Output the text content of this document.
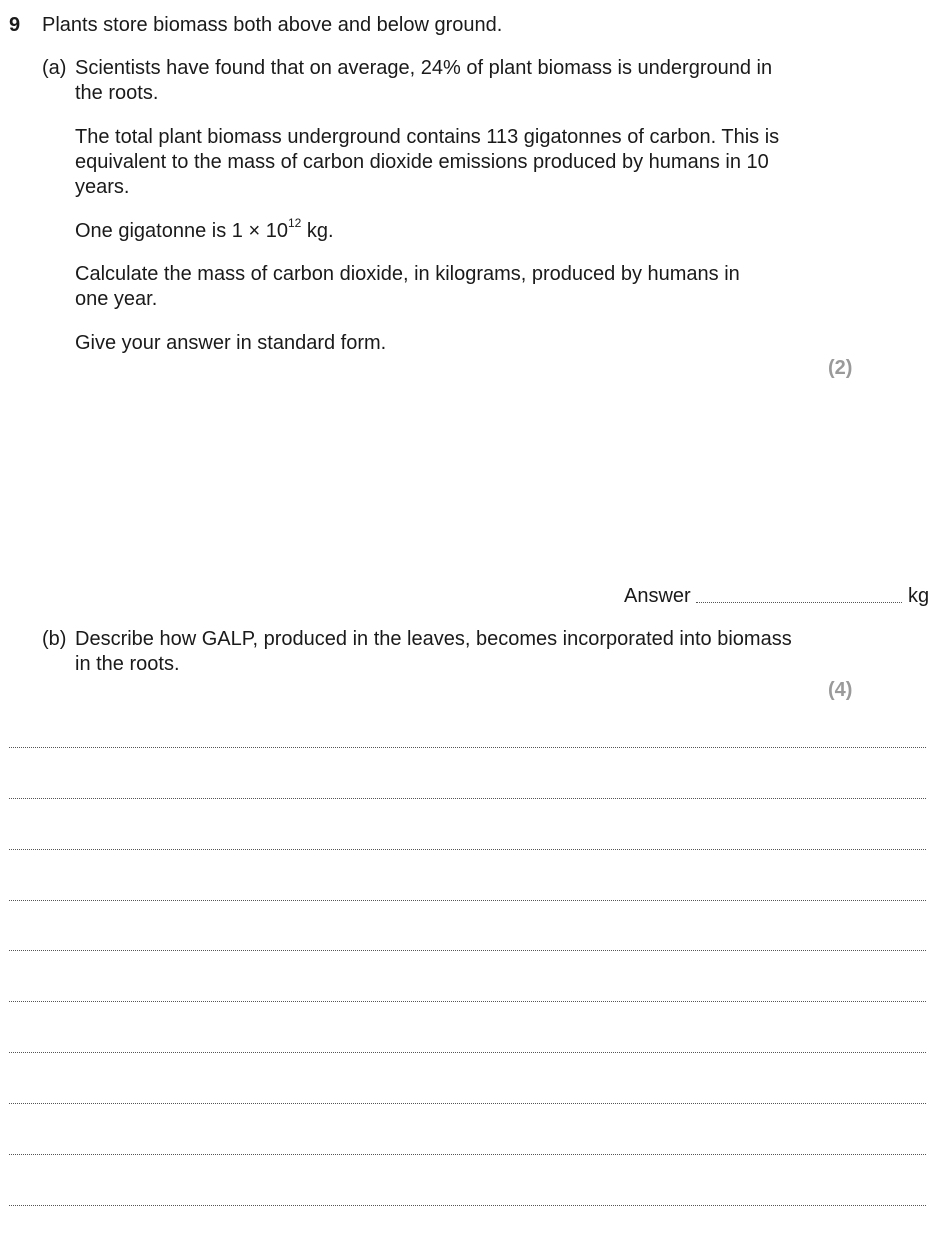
9 Plants store biomass both above and below ground.
(a) Scientists have found that on average, 24% of plant biomass is underground in the roots.
The total plant biomass underground contains 113 gigatonnes of carbon. This is equivalent to the mass of carbon dioxide emissions produced by humans in 10 years.
One gigatonne is $1 \times 10^{12}$ kg.
Calculate the mass of carbon dioxide, in kilograms, produced by humans in one year.
Give your answer in standard form.
(2)
Answer	kg
(b) Describe how GALP, produced in the leaves, becomes incorporated into biomass in the roots.
(4)
